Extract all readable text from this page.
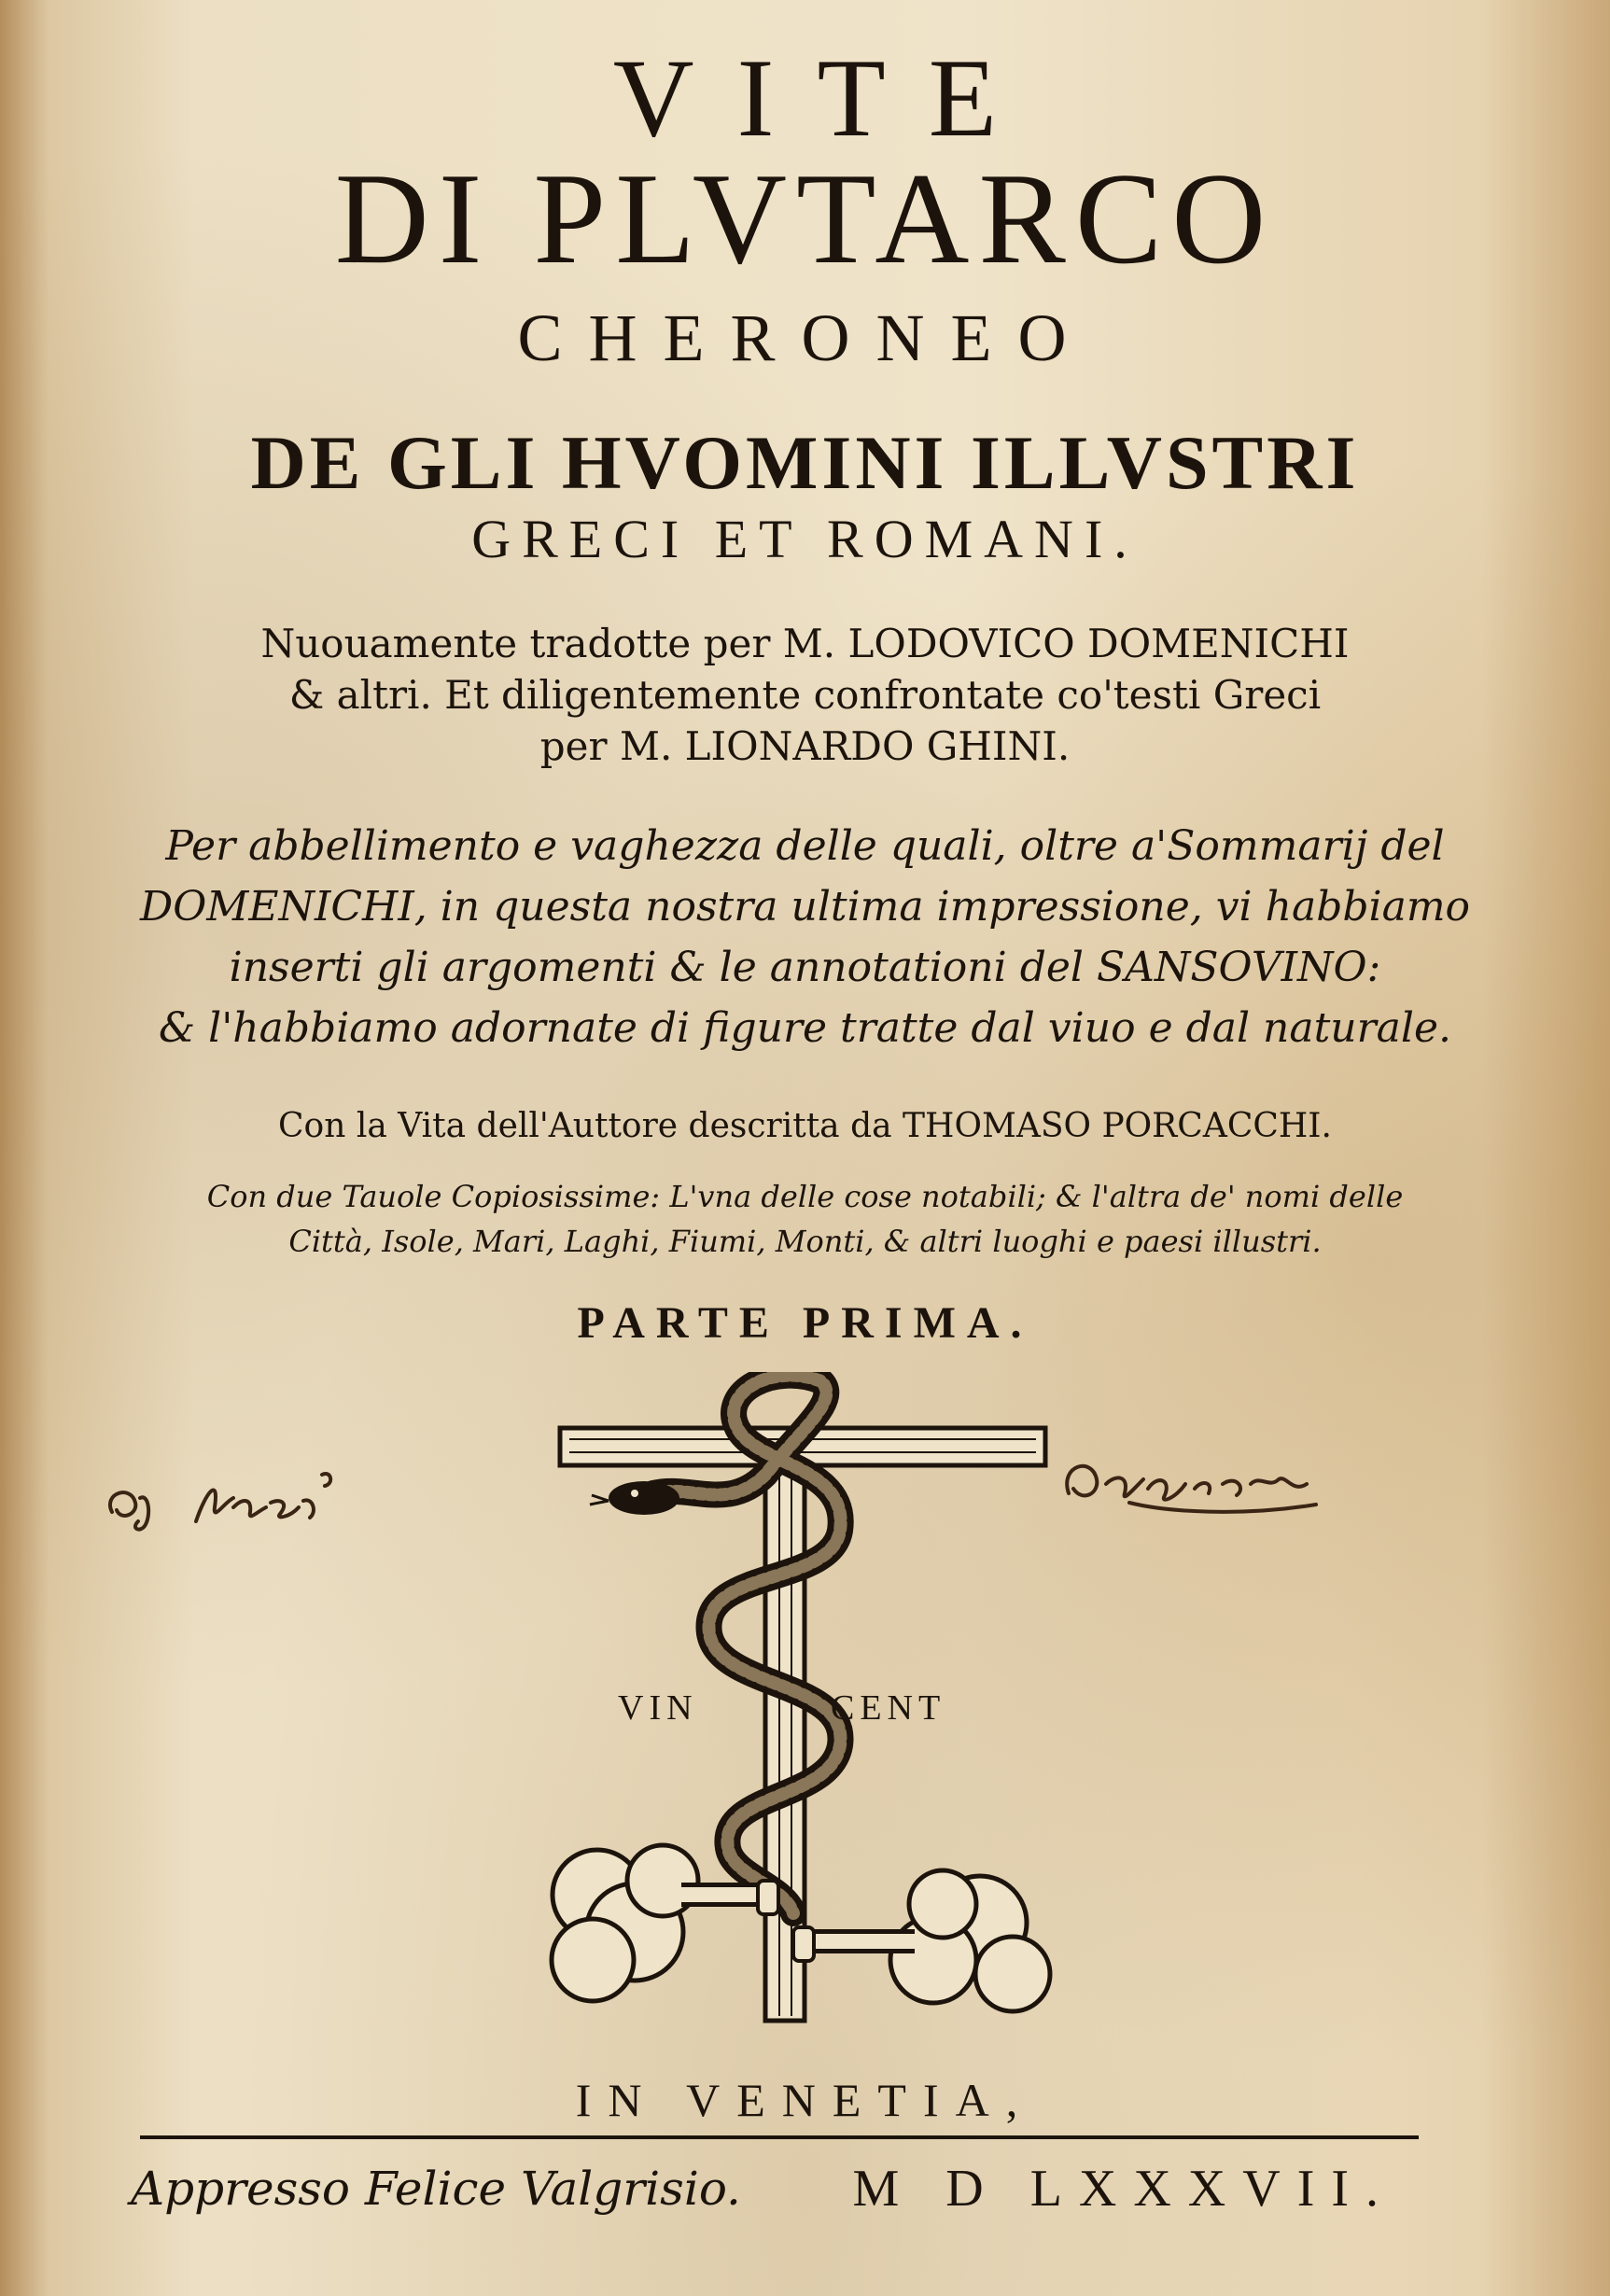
VITE
DI PLVTARCO
CHERONEO
DE GLI HVOMINI ILLVSTRI
GRECI ET ROMANI.
Nuouamente tradotte per M. LODOVICO DOMENICHI
& altri. Et diligentemente confrontate co'testi Greci
per M. LIONARDO GHINI.
Per abbellimento e vaghezza delle quali, oltre a'Sommarij del
DOMENICHI, in questa nostra ultima impressione, vi habbiamo
inserti gli argomenti & le annotationi del SANSOVINO:
& l'habbiamo adornate di figure tratte dal viuo e dal naturale.
Con la Vita dell'Auttore descritta da THOMASO PORCACCHI.
Con due Tauole Copiosissime: L'vna delle cose notabili; & l'altra de' nomi delle
Città, Isole, Mari, Laghi, Fiumi, Monti, & altri luoghi e paesi illustri.
PARTE PRIMA.
VIN	CENT
IN VENETIA,
Appresso Felice Valgrisio. M D LXXXVII.
